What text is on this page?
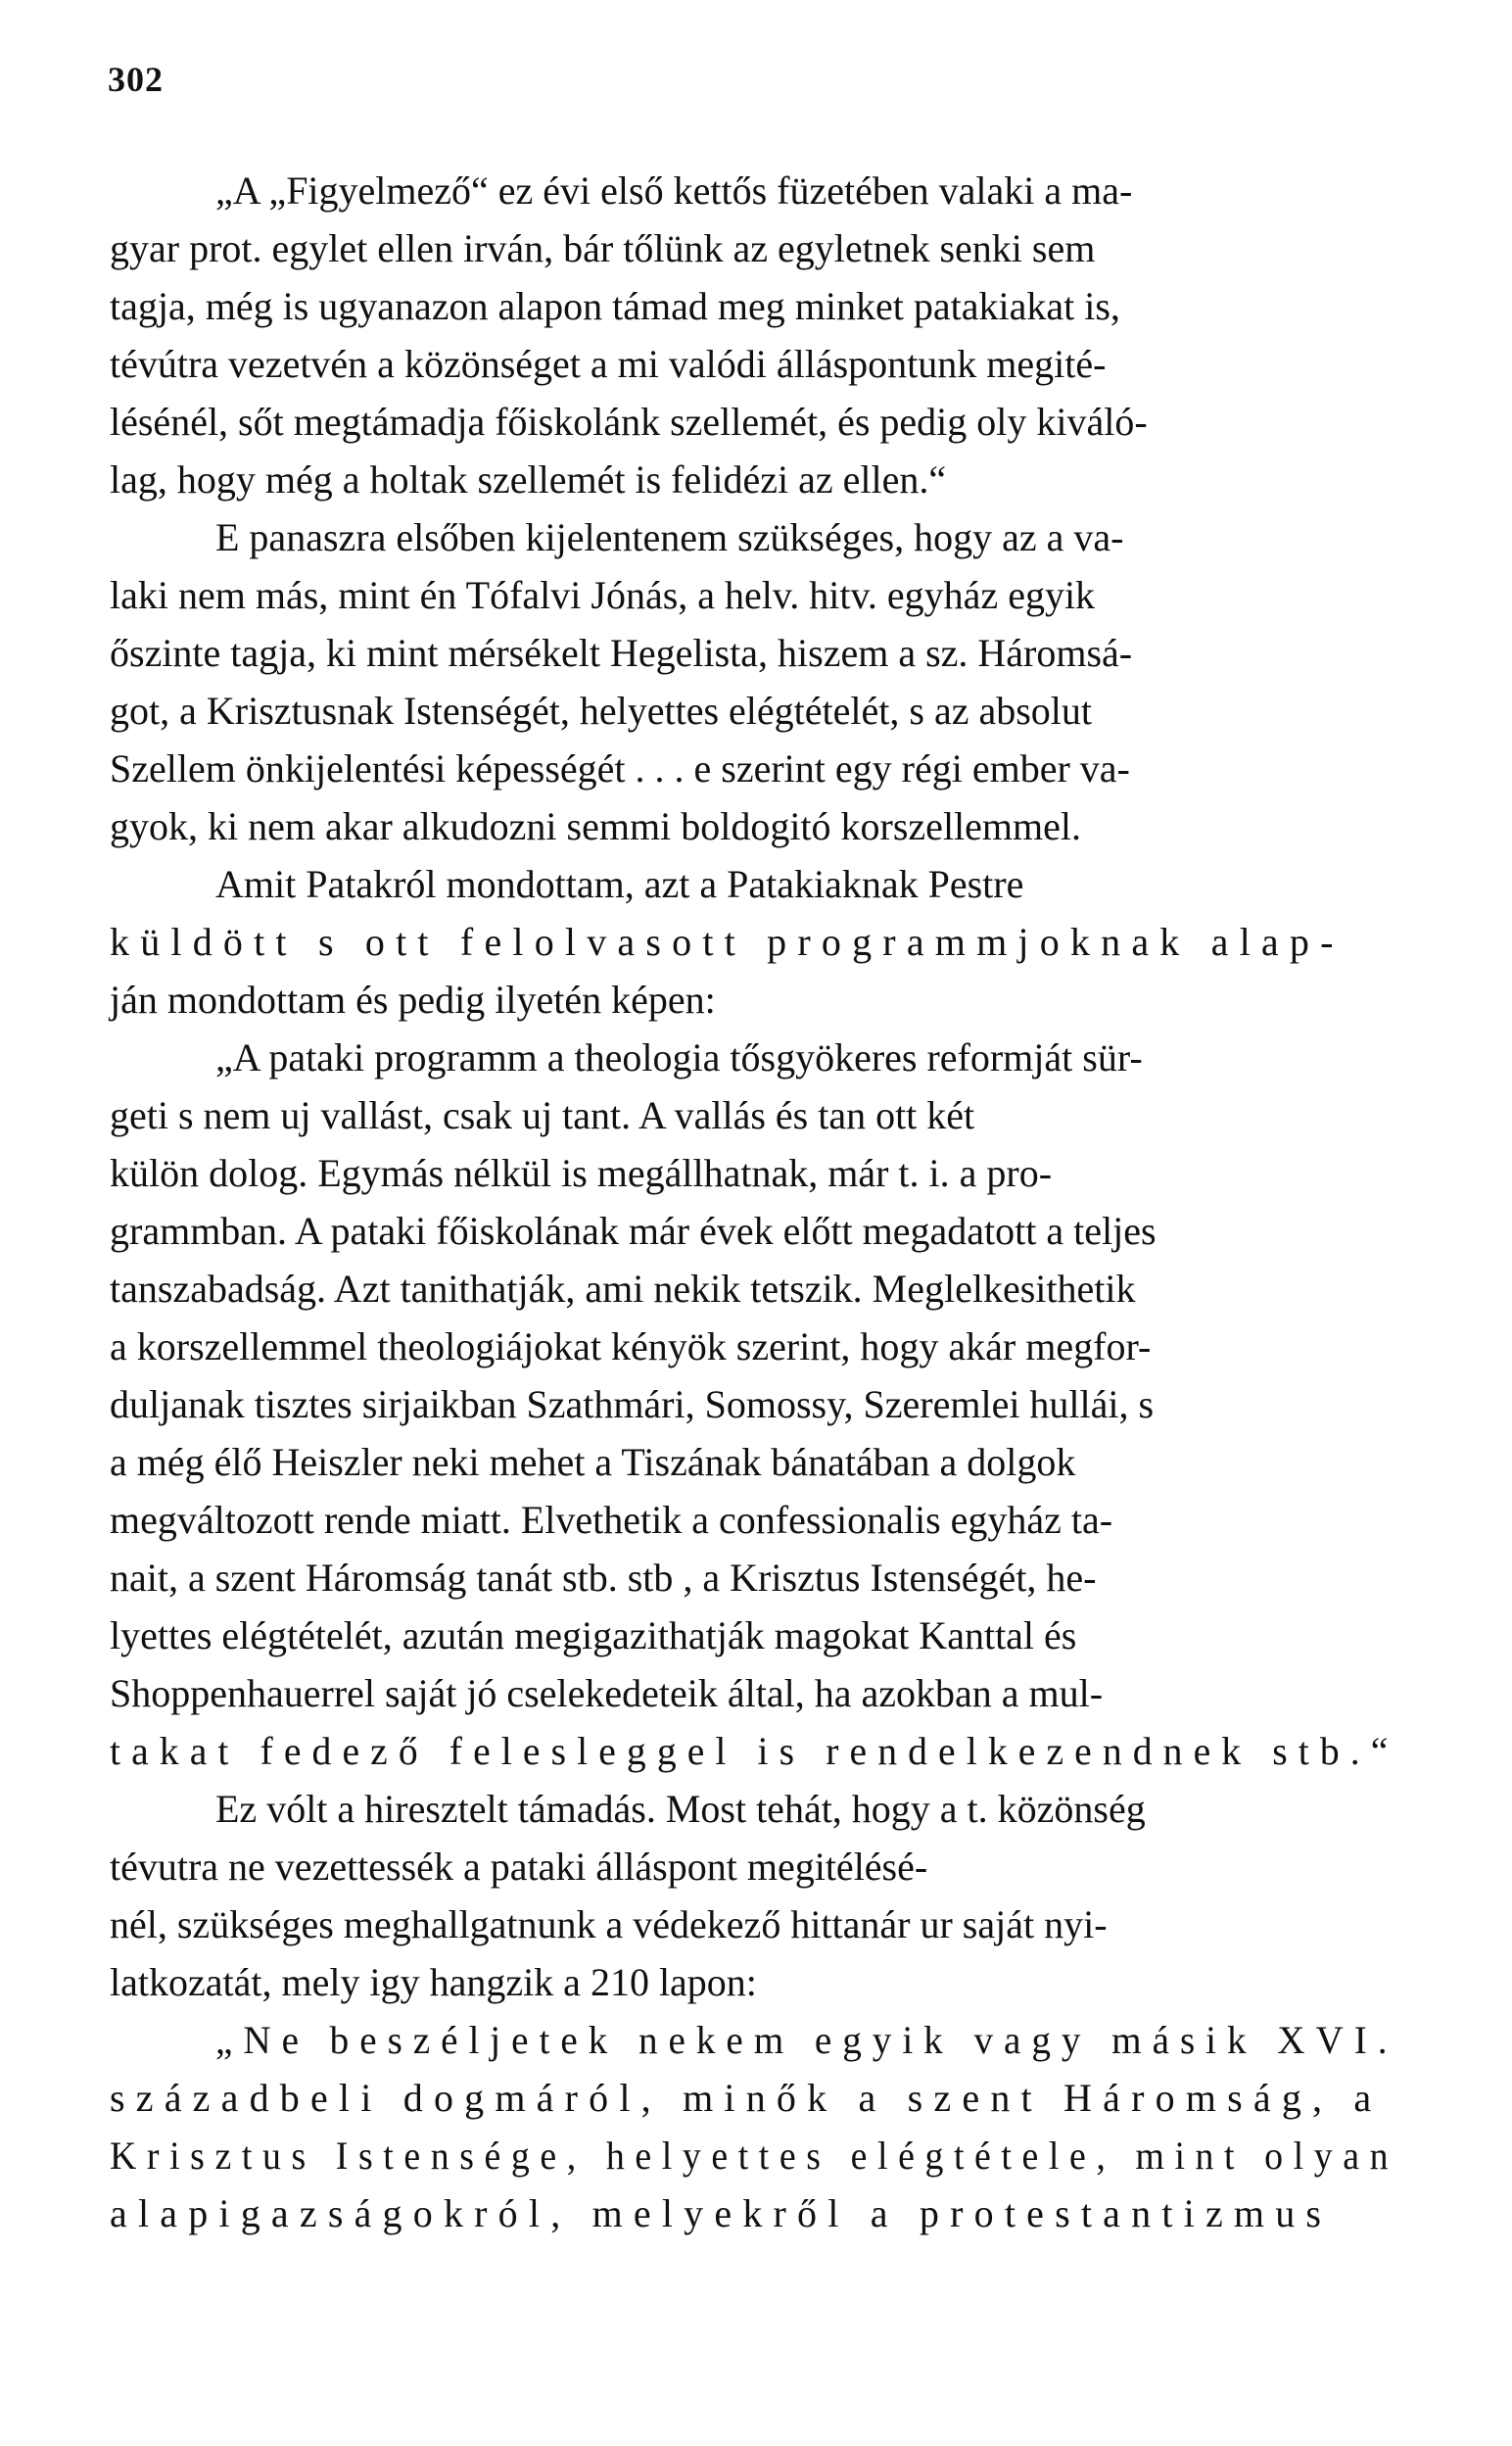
302
„A „Figyelmező“ ez évi első kettős füzetében valaki a ma-
gyar prot. egylet ellen irván, bár tőlünk az egyletnek senki sem
tagja, még is ugyanazon alapon támad meg minket patakiakat is,
tévútra vezetvén a közönséget a mi valódi álláspontunk megité-
lésénél, sőt megtámadja főiskolánk szellemét, és pedig oly kiváló-
lag, hogy még a holtak szellemét is felidézi az ellen.“
E panaszra elsőben kijelentenem szükséges, hogy az a va-
laki nem más, mint én Tófalvi Jónás, a helv. hitv. egyház egyik
őszinte tagja, ki mint mérsékelt Hegelista, hiszem a sz. Háromsá-
got, a Krisztusnak Istenségét, helyettes elégtételét, s az absolut
Szellem önkijelentési képességét . . . e szerint egy régi ember va-
gyok, ki nem akar alkudozni semmi boldogitó korszellemmel.
Amit Patakról mondottam, azt a Patakiaknak Pestre
küldött s ott felolvasott programmjoknak alap-
ján mondottam és pedig ilyetén képen:
„A pataki programm a theologia tősgyökeres reformját sür-
geti s nem uj vallást, csak uj tant. A vallás és tan ott két
külön dolog. Egymás nélkül is megállhatnak, már t. i. a pro-
grammban. A pataki főiskolának már évek előtt megadatott a teljes
tanszabadság. Azt tanithatják, ami nekik tetszik. Meglelkesithetik
a korszellemmel theologiájokat kényök szerint, hogy akár megfor-
duljanak tisztes sirjaikban Szathmári, Somossy, Szeremlei hullái, s
a még élő Heiszler neki mehet a Tiszának bánatában a dolgok
megváltozott rende miatt. Elvethetik a confessionalis egyház ta-
nait, a szent Háromság tanát stb. stb , a Krisztus Istenségét, he-
lyettes elégtételét, azután megigazithatják magokat Kanttal és
Shoppenhauerrel saját jó cselekedeteik által, ha azokban a mul-
takat fedező felesleggel is rendelkezendnek stb.“
Ez vólt a hiresztelt támadás. Most tehát, hogy a t. közönség
tévutra ne vezettessék a pataki álláspont megitélésé-
nél, szükséges meghallgatnunk a védekező hittanár ur saját nyi-
latkozatát, mely igy hangzik a 210 lapon:
„Ne beszéljetek nekem egyik vagy másik XVI.
századbeli dogmáról, minők a szent Háromság, a
Krisztus Istensége, helyettes elégtétele, mint olyan
alapigazságokról, melyekről a protestantizmus
